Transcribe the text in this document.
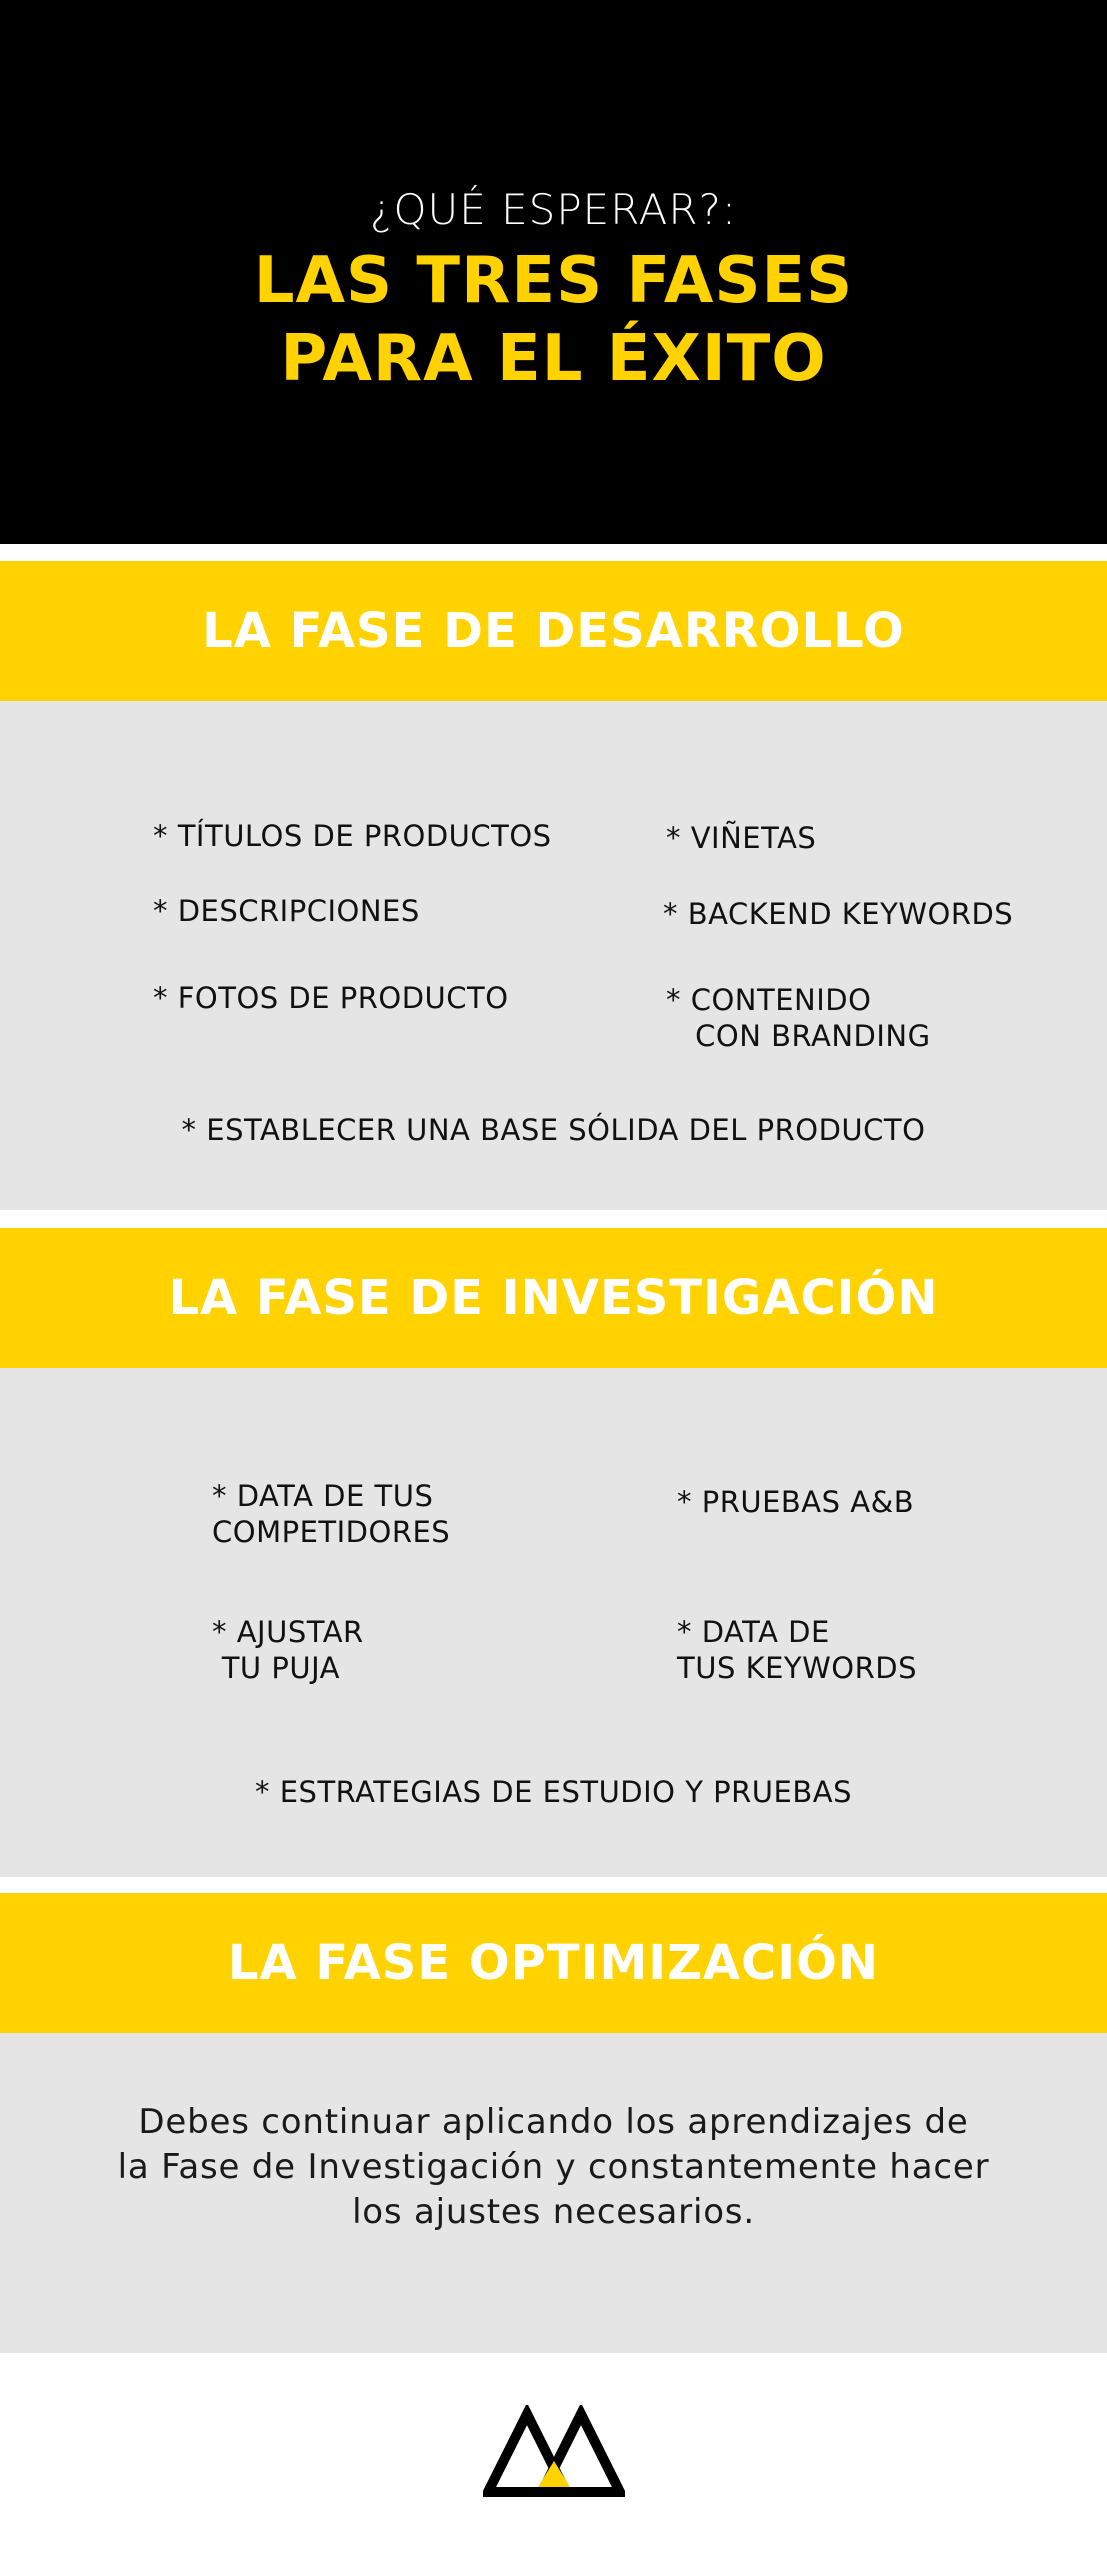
¿QUÉ ESPERAR?:
LAS TRES FASES
PARA EL ÉXITO
LA FASE DE DESARROLLO
* TÍTULOS DE PRODUCTOS
* DESCRIPCIONES
* FOTOS DE PRODUCTO
* VIÑETAS
* BACKEND KEYWORDS
* CONTENIDO
CON BRANDING
* ESTABLECER UNA BASE SÓLIDA DEL PRODUCTO
LA FASE DE INVESTIGACIÓN
* DATA DE TUS
COMPETIDORES
* AJUSTAR
TU PUJA
* PRUEBAS A&B
* DATA DE
TUS KEYWORDS
* ESTRATEGIAS DE ESTUDIO Y PRUEBAS
LA FASE OPTIMIZACIÓN
Debes continuar aplicando los aprendizajes de
la Fase de Investigación y constantemente hacer
los ajustes necesarios.
